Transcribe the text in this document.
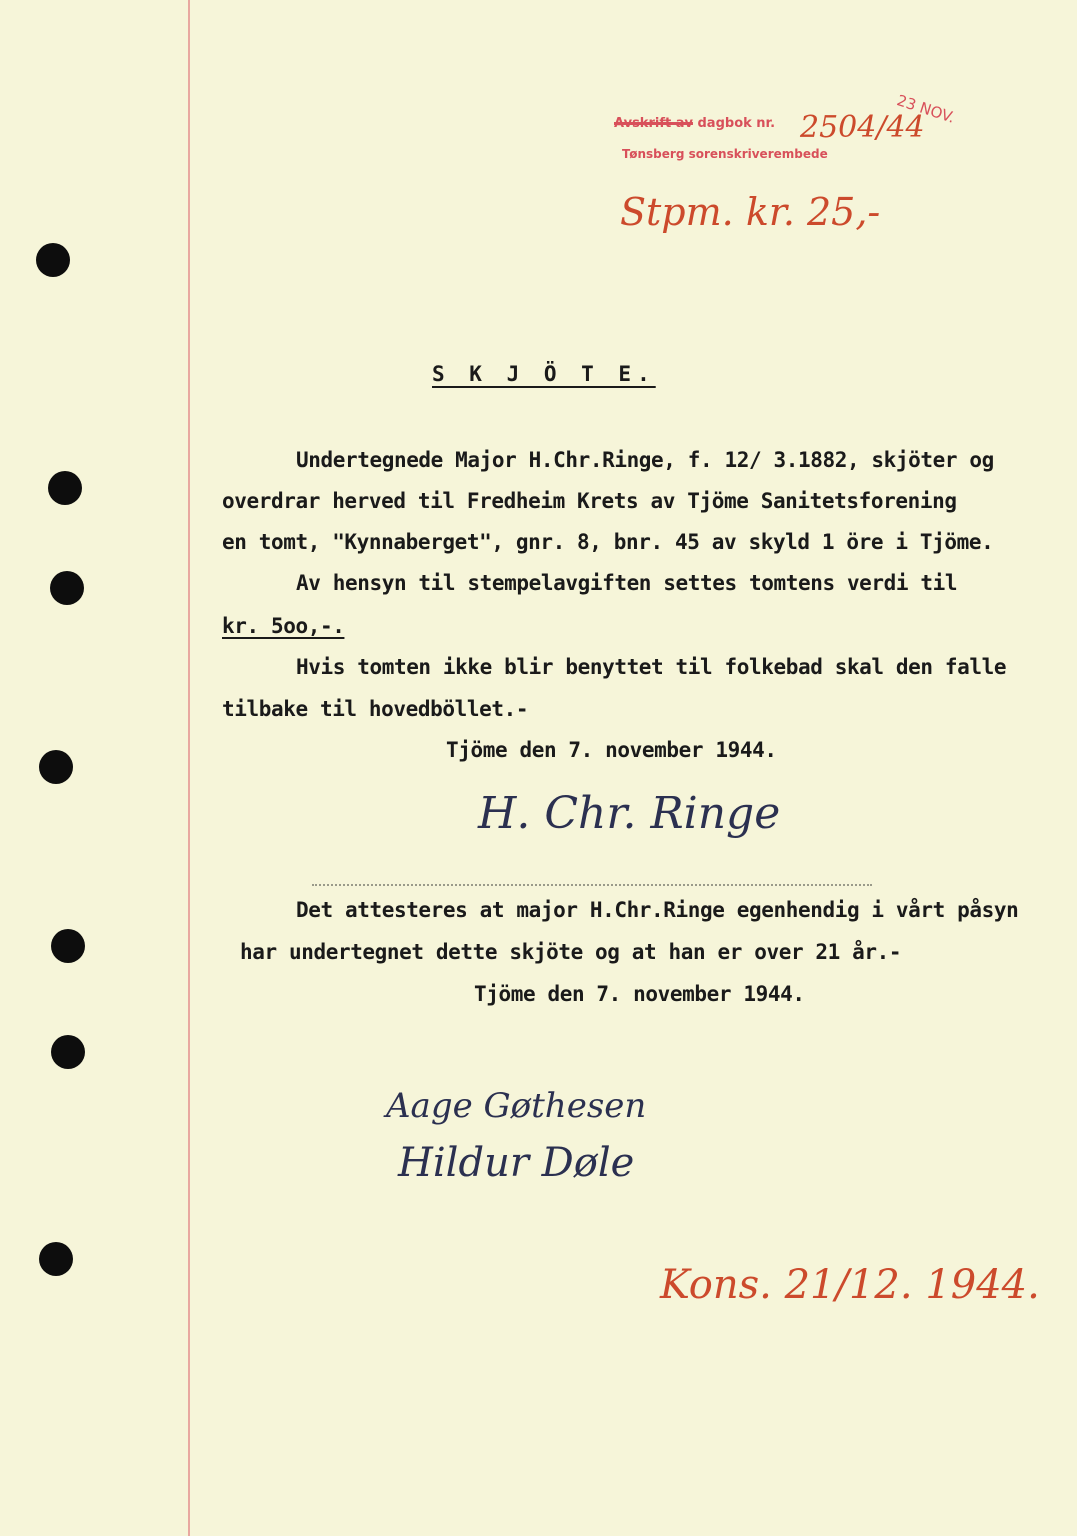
Avskrift av dagbok nr.
Tønsberg sorenskriverembede
23 NOV.
2504/44
Stpm. kr. 25,-
S K J Ö T E.
Undertegnede Major H.Chr.Ringe, f. 12/ 3.1882, skjöter og
overdrar herved til Fredheim Krets av Tjöme Sanitetsforening
en tomt, "Kynnaberget", gnr. 8, bnr. 45 av skyld 1 öre i Tjöme.
Av hensyn til stempelavgiften settes tomtens verdi til
kr. 5oo,-.
Hvis tomten ikke blir benyttet til folkebad skal den falle
tilbake til hovedböllet.-
Tjöme den 7. november 1944.
H. Chr. Ringe
Det attesteres at major H.Chr.Ringe egenhendig i vårt påsyn
har undertegnet dette skjöte og at han er over 21 år.-
Tjöme den 7. november 1944.
Aage Gøthesen
Hildur Døle
Kons. 21/12. 1944.
